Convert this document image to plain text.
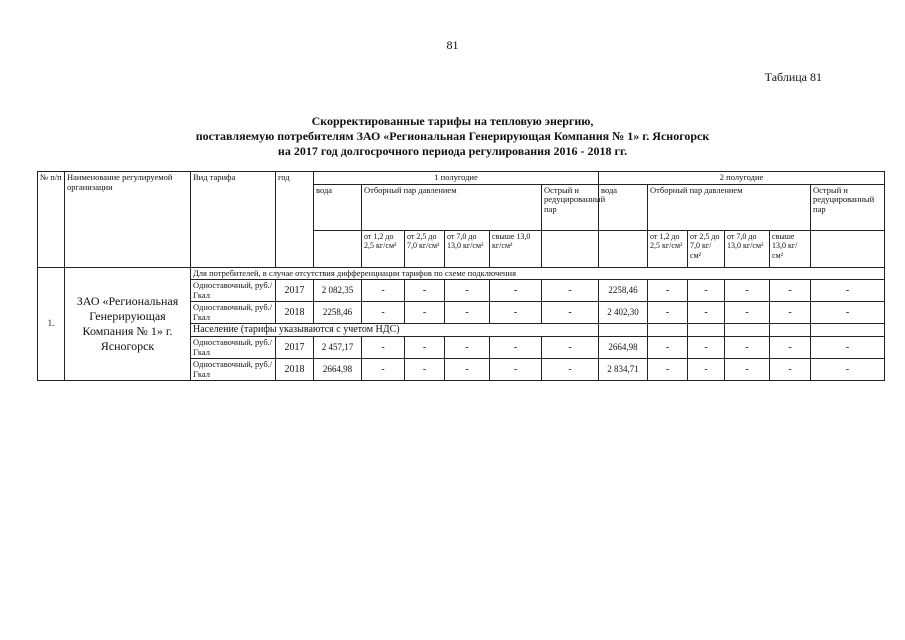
81
Таблица 81
Скорректированные тарифы на тепловую энергию,
поставляемую потребителям ЗАО «Региональная Генерирующая Компания № 1» г. Ясногорск
на 2017 год долгосрочного периода регулирования 2016 - 2018 гг.
№ п/п	Наименование регулируемой организации	Вид тарифа	год	1 полугодие						2 полугодие					
				вода	Отборный пар давлением				Острый и редуцированный пар	вода	Отборный пар давлением				Острый и редуцированный пар
					от 1,2 до 2,5 кг/см²	от 2,5 до 7,0 кг/см²	от 7,0 до 13,0 кг/см²	свыше 13,0 кг/см²			от 1,2 до 2,5 кг/см²	от 2,5 до 7,0 кг/см²	от 7,0 до 13,0 кг/см²	свыше 13,0 кг/см²	
1.	ЗАО «Региональная Генерирующая Компания № 1» г. Ясногорск	Для потребителей, в случае отсутствия дифференциации тарифов по схеме подключения													
		Одноставочный, руб./Гкал	2017	2 082,35	-	-	-	-	-	2258,46	-	-	-	-	-
		Одноставочный, руб./Гкал	2018	2258,46	-	-	-	-	-	2 402,30	-	-	-	-	-
		Население (тарифы указываются с учетом НДС)													
		Одноставочный, руб./Гкал	2017	2 457,17	-	-	-	-	-	2664,98	-	-	-	-	-
		Одноставочный, руб./Гкал	2018	2664,98	-	-	-	-	-	2 834,71	-	-	-	-	-
